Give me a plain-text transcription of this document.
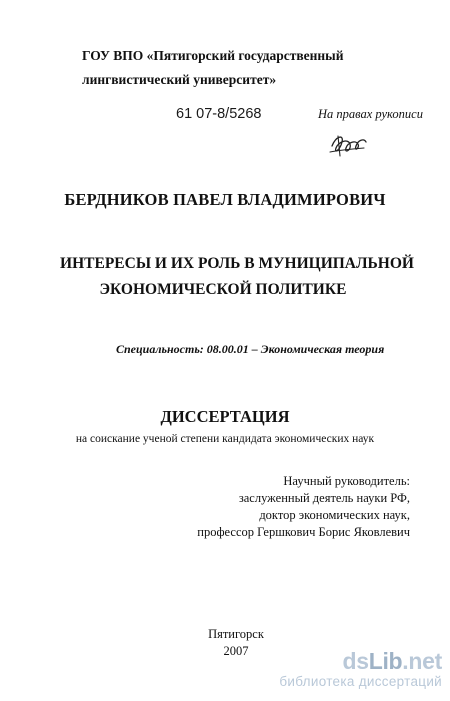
ГОУ ВПО «Пятигорский государственный лингвистический университет»
61 07-8/5268	На правах рукописи
БЕРДНИКОВ ПАВЕЛ ВЛАДИМИРОВИЧ
ИНТЕРЕСЫ И ИХ РОЛЬ В МУНИЦИПАЛЬНОЙ
ЭКОНОМИЧЕСКОЙ ПОЛИТИКЕ
Специальность: 08.00.01 – Экономическая теория
ДИССЕРТАЦИЯ
на соискание ученой степени кандидата экономических наук
Научный руководитель:
заслуженный деятель науки РФ,
доктор экономических наук,
профессор Гершкович Борис Яковлевич
Пятигорск
2007	dsLib.net
библиотека диссертаций
